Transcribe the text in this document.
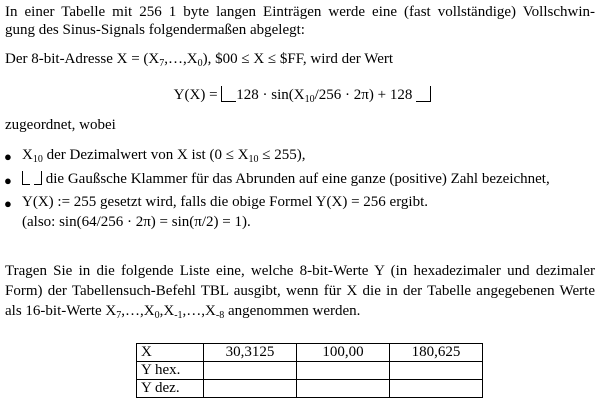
In einer Tabelle mit 256 1 byte langen Einträgen werde eine (fast vollständige) Vollschwin-
gung des Sinus-Signals folgendermaßen abgelegt:
Der 8-bit-Adresse $X = (X_7,\dots,X_0)$, $00 ≤ X ≤ $FF, wird der Wert
$Y(X) = 128 \cdot \sin(X_{10}/256 \cdot 2\pi) + 128$
zugeordnet, wobei
● $X_{10}$ der Dezimalwert von X ist $(0 \le X_{10} \le 255)$,
●	die Gaußsche Klammer für das Abrunden auf eine ganze (positive) Zahl bezeichnet,
● Y(X) := 255 gesetzt wird, falls die obige Formel Y(X) = 256 ergibt.
(also: sin(64/256 · 2π) = sin(π/2) = 1).
Tragen Sie in die folgende Liste eine, welche 8-bit-Werte Y (in hexadezimaler und dezimaler
Form) der Tabellensuch-Befehl TBL ausgibt, wenn für X die in der Tabelle angegebenen Werte
als 16-bit-Werte $X_7,\dots,X_0,X_{-1},\dots,X_{-8}$ angenommen werden.
X	30,3125	100,00	180,625
Y hex.			
Y dez.			
